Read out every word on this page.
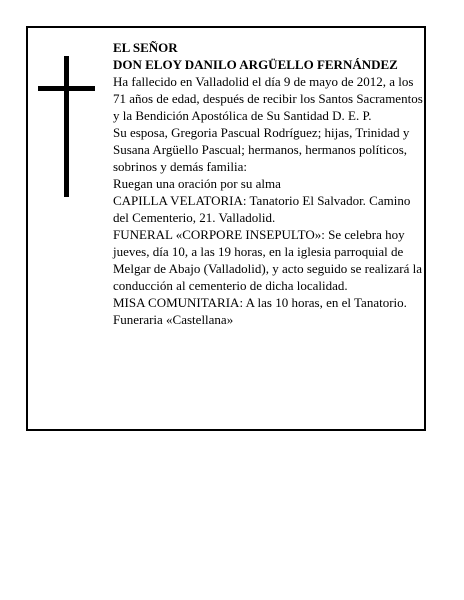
EL SEÑOR

DON ELOY DANILO ARGÜELLO FERNÁNDEZ

Ha fallecido en Valladolid el día 9 de mayo de 2012, a los 71 años de edad, después de recibir los Santos Sacramentos y la Bendición Apostólica de Su Santidad D. E. P.

Su esposa, Gregoria Pascual Rodríguez; hijas, Trinidad y Susana Argüello Pascual; hermanos, hermanos políticos, sobrinos y demás familia:

Ruegan una oración por su alma

CAPILLA VELATORIA: Tanatorio El Salvador. Camino del Cementerio, 21. Valladolid.

FUNERAL «CORPORE INSEPULTO»: Se celebra hoy jueves, día 10, a las 19 horas, en la iglesia parroquial de Melgar de Abajo (Valladolid), y acto seguido se realizará la conducción al cementerio de dicha localidad.

MISA COMUNITARIA: A las 10 horas, en el Tanatorio.

Funeraria «Castellana»
